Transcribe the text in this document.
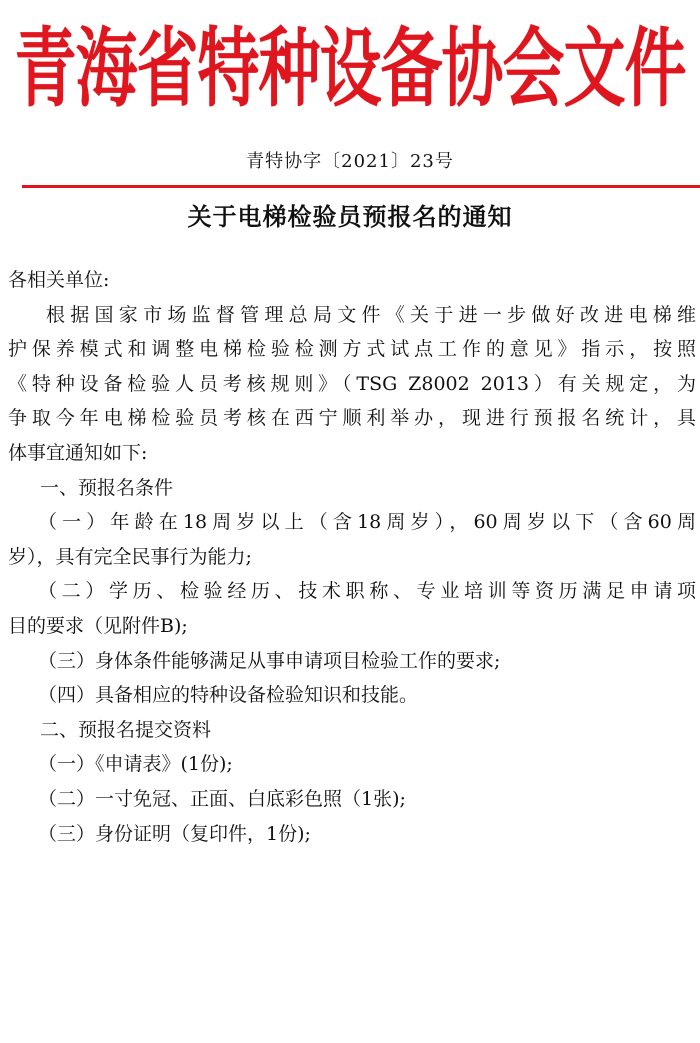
青海省特种设备协会文件
青特协字〔2021〕23号
关于电梯检验员预报名的通知
各相关单位:
根据国家市场监督管理总局文件《关于进一步做好改进电梯维
护保养模式和调整电梯检验检测方式试点工作的意见》指示，按照
《特种设备检验人员考核规则》（TSG Z8002 2013）有关规定，为
争取今年电梯检验员考核在西宁顺利举办，现进行预报名统计，具
体事宜通知如下:
一、预报名条件
（一）年龄在18周岁以上（含18周岁），60周岁以下（含60周
岁），具有完全民事行为能力;
（二）学历、检验经历、技术职称、专业培训等资历满足申请项
目的要求（见附件B);
（三）身体条件能够满足从事申请项目检验工作的要求;
（四）具备相应的特种设备检验知识和技能。
二、预报名提交资料
（一）《申请表》(1份);
（二）一寸免冠、正面、白底彩色照（1张);
（三）身份证明（复印件，1份);
